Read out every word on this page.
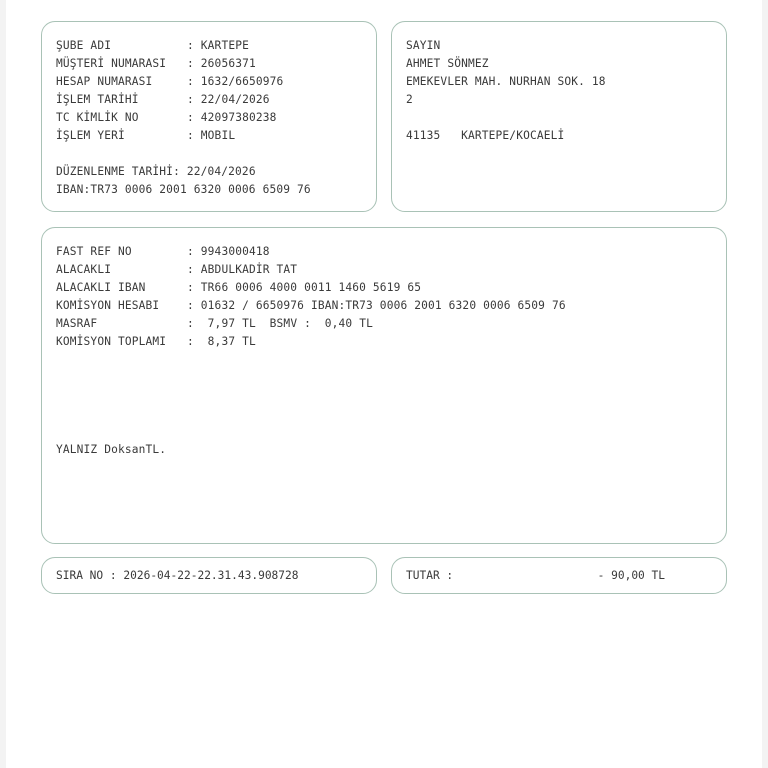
ŞUBE ADI	: KARTEPE
MÜŞTERİ NUMARASI : 26056371
HESAP NUMARASI	: 1632/6650976
İŞLEM TARİHİ	: 22/04/2026
TC KİMLİK NO	: 42097380238
İŞLEM YERİ	: MOBIL
DÜZENLENME TARİHİ: 22/04/2026
IBAN:TR73 0006 2001 6320 0006 6509 76
SAYIN
AHMET SÖNMEZ
EMEKEVLER MAH. NURHAN SOK. 18
2
41135 KARTEPE/KOCAELİ
FAST REF NO	: 9943000418
ALACAKLI	: ABDULKADİR TAT
ALACAKLI IBAN	: TR66 0006 4000 0011 1460 5619 65
KOMİSYON HESABI : 01632 / 6650976 IBAN:TR73 0006 2001 6320 0006 6509 76
MASRAF	:  7,97 TL BSMV :  0,40 TL
KOMİSYON TOPLAMI :  8,37 TL
YALNIZ DoksanTL.
SIRA NO : 2026-04-22-22.31.43.908728	TUTAR :	- 90,00 TL
